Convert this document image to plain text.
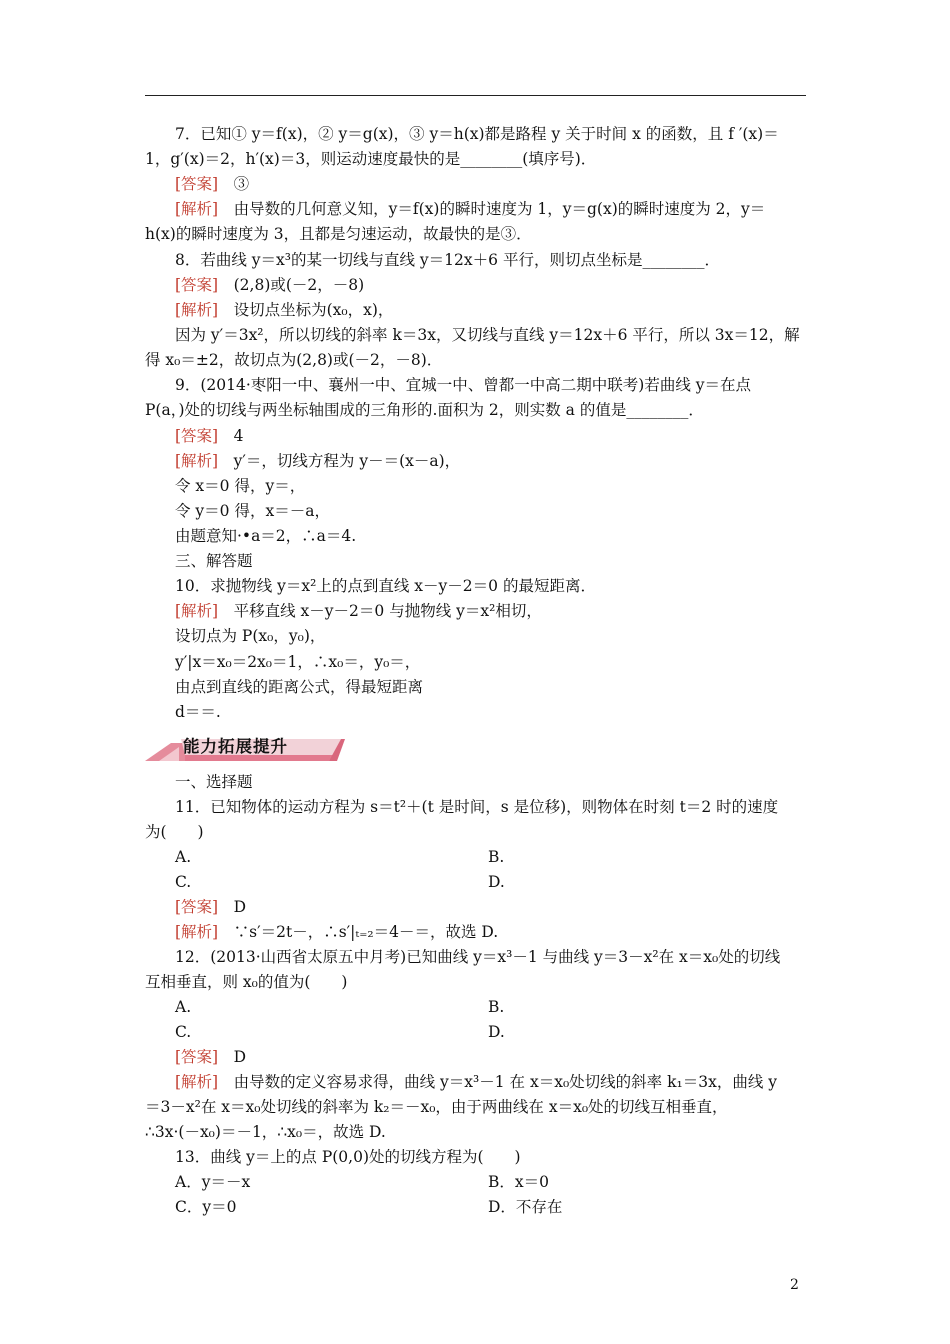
7．已知① y＝f(x)，② y＝g(x)，③ y＝h(x)都是路程 y 关于时间 x 的函数，且 f ′(x)＝
1，g′(x)＝2，h′(x)＝3，则运动速度最快的是________(填序号)．
[答案]　 ③
[解析]　 由导数的几何意义知，y＝f(x)的瞬时速度为 1，y＝g(x)的瞬时速度为 2，y＝
h(x)的瞬时速度为 3，且都是匀速运动，故最快的是③．
8．若曲线 y＝x³的某一切线与直线 y＝12x＋6 平行，则切点坐标是________．
[答案]　 (2,8)或(－2，－8)
[解析]　 设切点坐标为(x₀，x)，
因为 y′＝3x²，所以切线的斜率 k＝3x，又切线与直线 y＝12x＋6 平行，所以 3x＝12，解
得 x₀＝±2，故切点为(2,8)或(－2，－8)．
9．(2014·枣阳一中、襄州一中、宜城一中、曾都一中高二期中联考)若曲线 y＝在点
P(a，)处的切线与两坐标轴围成的三角形的.面积为 2，则实数 a 的值是________．
[答案]　 4
[解析]　 y′＝，切线方程为 y－＝(x－a)，
令 x＝0 得，y＝，
令 y＝0 得，x＝－a，
由题意知·•a＝2，∴a＝4.
三、解答题
10．求抛物线 y＝x²上的点到直线 x－y－2＝0 的最短距离．
[解析]　 平移直线 x－y－2＝0 与抛物线 y＝x²相切，
设切点为 P(x₀，y₀)，
y′|x＝x₀＝2x₀＝1，∴x₀＝，y₀＝，
由点到直线的距离公式，得最短距离
d＝＝.
能力拓展提升
一、选择题
11．已知物体的运动方程为 s＝t²＋(t 是时间，s 是位移)，则物体在时刻 t＝2 时的速度
为(　　)
A.	B.
C.	D.
[答案]　 D
[解析]　 ∵s′＝2t－，∴s′|ₜ₌₂＝4－＝，故选 D.
12．(2013·山西省太原五中月考)已知曲线 y＝x³－1 与曲线 y＝3－x²在 x＝x₀处的切线
互相垂直，则 x₀的值为(　　)
A.	B.
C.	D.
[答案]　 D
[解析]　 由导数的定义容易求得，曲线 y＝x³－1 在 x＝x₀处切线的斜率 k₁＝3x，曲线 y
＝3－x²在 x＝x₀处切线的斜率为 k₂＝－x₀，由于两曲线在 x＝x₀处的切线互相垂直，
∴3x·(－x₀)＝－1，∴x₀＝，故选 D.
13．曲线 y＝上的点 P(0,0)处的切线方程为(　　)
A．y＝－x	B．x＝0
C．y＝0	D．不存在
2
